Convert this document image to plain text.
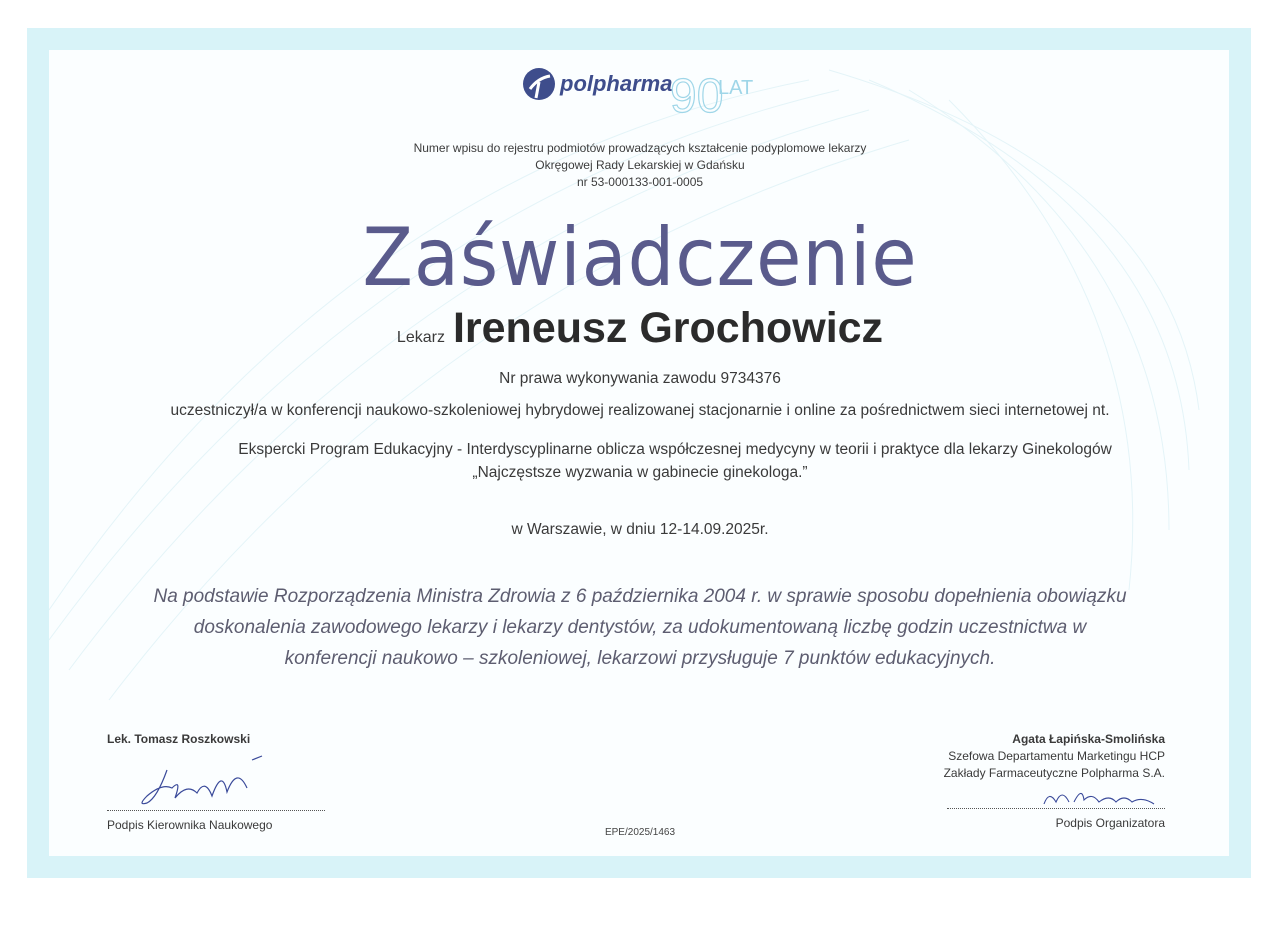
polpharma
90
LAT
Numer wpisu do rejestru podmiotów prowadzących kształcenie podyplomowe lekarzy
Okręgowej Rady Lekarskiej w Gdańsku
nr 53-000133-001-0005
Zaświadczenie
Lekarz Ireneusz Grochowicz
Nr prawa wykonywania zawodu 9734376
uczestniczył/a w konferencji naukowo-szkoleniowej hybrydowej realizowanej stacjonarnie i online za pośrednictwem sieci internetowej nt.
Ekspercki Program Edukacyjny - Interdyscyplinarne oblicza współczesnej medycyny w teorii i praktyce dla lekarzy Ginekologów
„Najczęstsze wyzwania w gabinecie ginekologa.”
w Warszawie, w dniu 12-14.09.2025r.
Na podstawie Rozporządzenia Ministra Zdrowia z 6 października 2004 r. w sprawie sposobu dopełnienia obowiązku
doskonalenia zawodowego lekarzy i lekarzy dentystów, za udokumentowaną liczbę godzin uczestnictwa w
konferencji naukowo – szkoleniowej, lekarzowi przysługuje 7 punktów edukacyjnych.
Lek. Tomasz Roszkowski
Podpis Kierownika Naukowego
Agata Łapińska-Smolińska
Szefowa Departamentu Marketingu HCP
Zakłady Farmaceutyczne Polpharma S.A.
Podpis Organizatora
EPE/2025/1463
